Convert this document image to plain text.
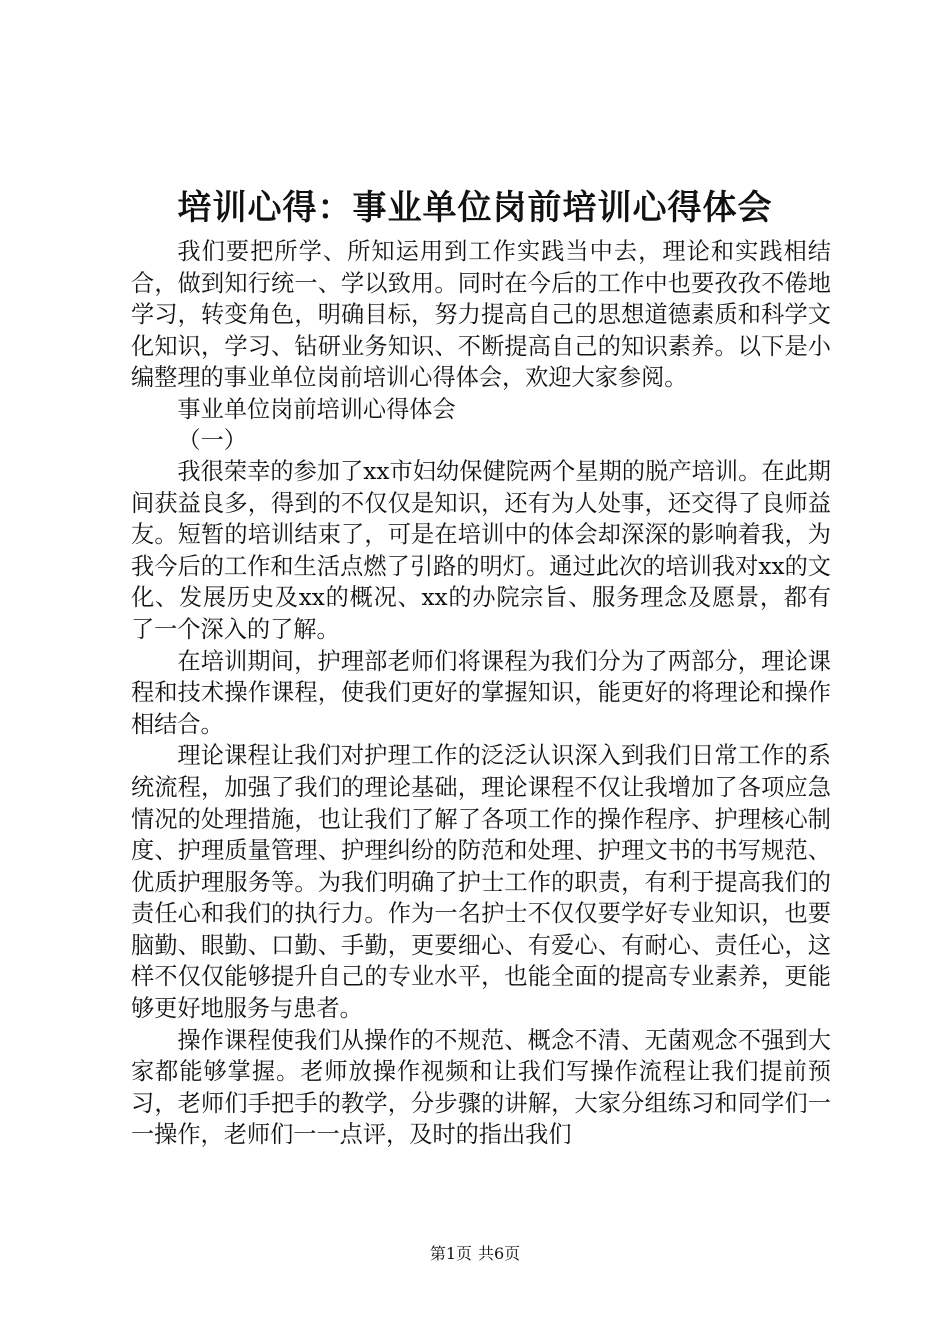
培训心得：事业单位岗前培训心得体会

我们要把所学、所知运用到工作实践当中去，理论和实践相结合，做到知行统一、学以致用。同时在今后的工作中也要孜孜不倦地学习，转变角色，明确目标，努力提高自己的思想道德素质和科学文化知识，学习、钻研业务知识、不断提高自己的知识素养。以下是小编整理的事业单位岗前培训心得体会，欢迎大家参阅。

事业单位岗前培训心得体会

（一）

我很荣幸的参加了xx市妇幼保健院两个星期的脱产培训。在此期间获益良多，得到的不仅仅是知识，还有为人处事，还交得了良师益友。短暂的培训结束了，可是在培训中的体会却深深的影响着我，为我今后的工作和生活点燃了引路的明灯。通过此次的培训我对xx的文化、发展历史及xx的概况、xx的办院宗旨、服务理念及愿景，都有了一个深入的了解。

在培训期间，护理部老师们将课程为我们分为了两部分，理论课程和技术操作课程，使我们更好的掌握知识，能更好的将理论和操作相结合。

理论课程让我们对护理工作的泛泛认识深入到我们日常工作的系统流程，加强了我们的理论基础，理论课程不仅让我增加了各项应急情况的处理措施，也让我们了解了各项工作的操作程序、护理核心制度、护理质量管理、护理纠纷的防范和处理、护理文书的书写规范、优质护理服务等。为我们明确了护士工作的职责，有利于提高我们的责任心和我们的执行力。作为一名护士不仅仅要学好专业知识，也要脑勤、眼勤、口勤、手勤，更要细心、有爱心、有耐心、责任心，这样不仅仅能够提升自己的专业水平，也能全面的提高专业素养，更能够更好地服务与患者。

操作课程使我们从操作的不规范、概念不清、无菌观念不强到大家都能够掌握。老师放操作视频和让我们写操作流程让我们提前预习，老师们手把手的教学，分步骤的讲解，大家分组练习和同学们一一操作，老师们一一点评，及时的指出我们

第1页 共6页
